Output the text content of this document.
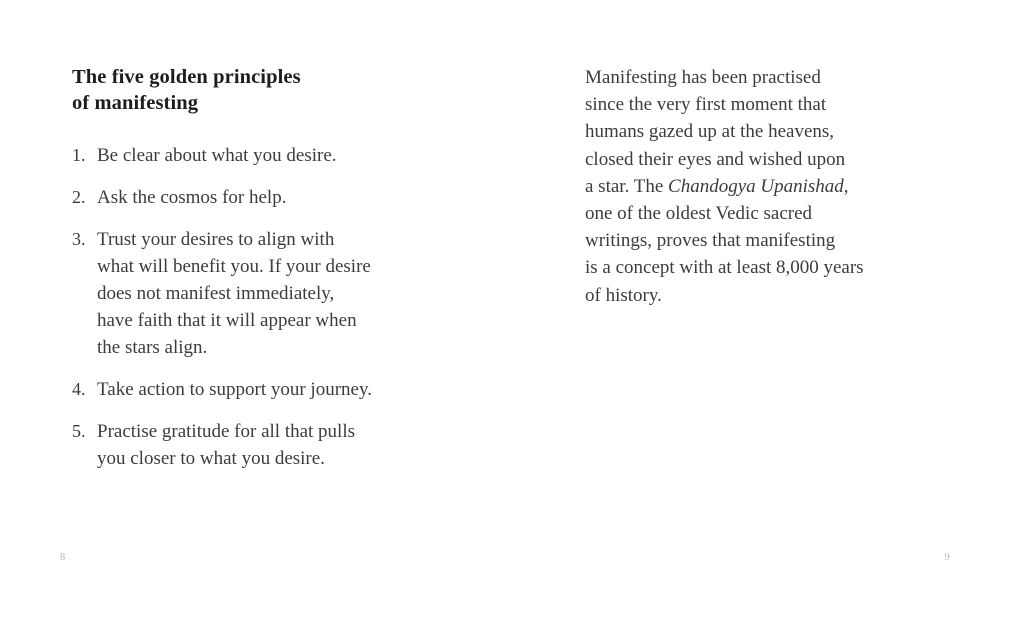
The five golden principles
of manifesting
1. Be clear about what you desire.
2. Ask the cosmos for help.
3. Trust your desires to align with
what will benefit you. If your desire
does not manifest immediately,
have faith that it will appear when
the stars align.
4. Take action to support your journey.
5. Practise gratitude for all that pulls
you closer to what you desire.
8

Manifesting has been practised
since the very first moment that
humans gazed up at the heavens,
closed their eyes and wished upon
a star. The Chandogya Upanishad,
one of the oldest Vedic sacred
writings, proves that manifesting
is a concept with at least 8,000 years
of history.

9
